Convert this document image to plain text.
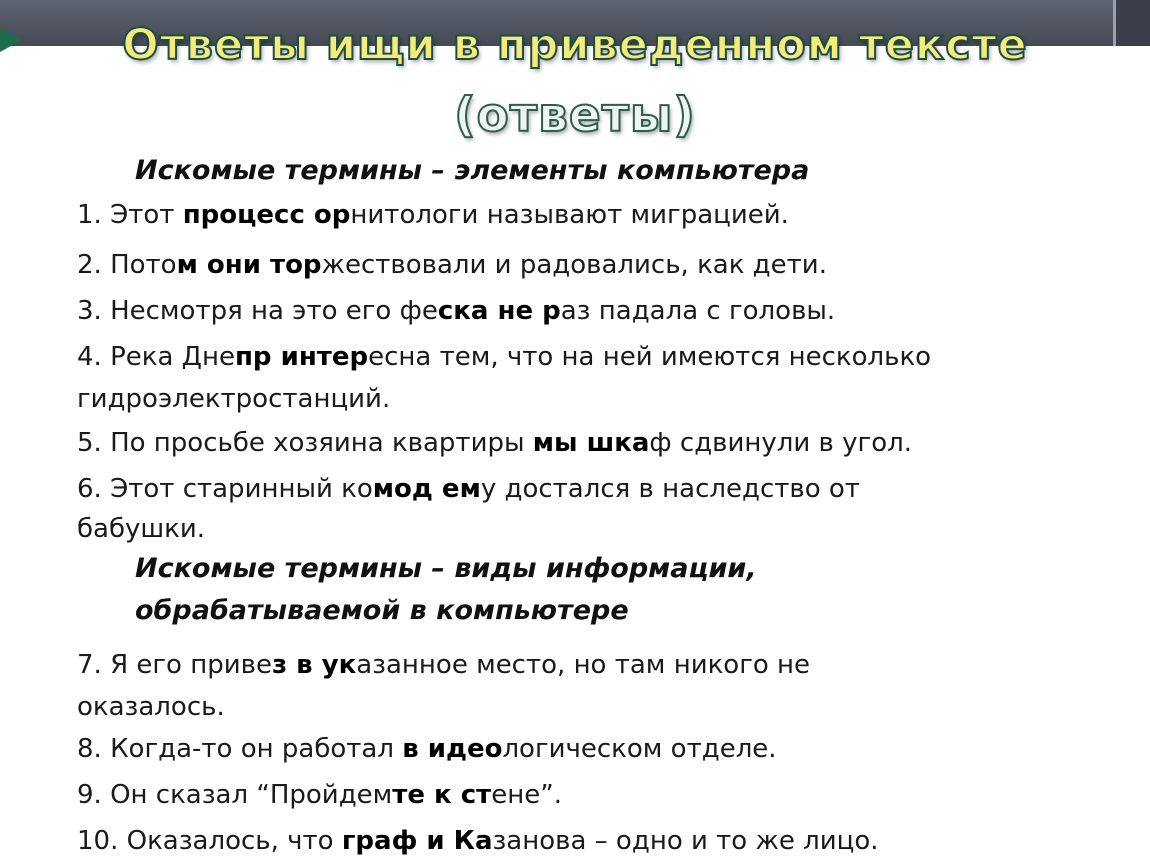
Ответы ищи в приведенном тексте
(ответы)

Искомые термины – элементы компьютера

1. Этот процесс орнитологи называют миграцией.

2. Потом они торжествовали и радовались, как дети.

3. Несмотря на это его феска не раз падала с головы.

4. Река Днепр интересна тем, что на ней имеются несколько

гидроэлектростанций.

5. По просьбе хозяина квартиры мы шкаф сдвинули в угол.

6. Этот старинный комод ему достался в наследство от

бабушки.

Искомые термины – виды информации,
обрабатываемой в компьютере

7. Я его привез в указанное место, но там никого не

оказалось.

8. Когда-то он работал в идеологическом отделе.

9. Он сказал “Пройдемте к стене”.

10. Оказалось, что граф и Казанова – одно и то же лицо.
